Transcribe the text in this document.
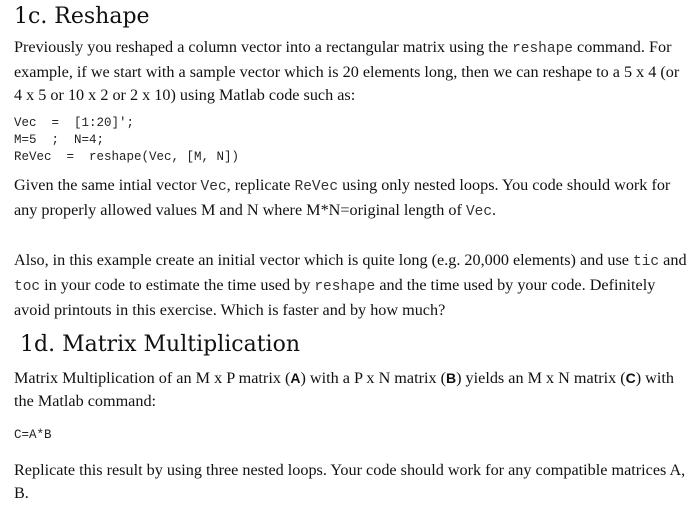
1c. Reshape

Previously you reshaped a column vector into a rectangular matrix using the reshape command. For example, if we start with a sample vector which is 20 elements long, then we can reshape to a 5 x 4 (or 4 x 5 or 10 x 2 or 2 x 10) using Matlab code such as:

Vec  =  [1:20]';
M=5  ;  N=4;
ReVec  =  reshape(Vec, [M, N])

Given the same intial vector Vec, replicate ReVec using only nested loops. You code should work for any properly allowed values M and N where M*N=original length of Vec.

Also, in this example create an initial vector which is quite long (e.g. 20,000 elements) and use tic and toc in your code to estimate the time used by reshape and the time used by your code. Definitely avoid printouts in this exercise. Which is faster and by how much?

1d. Matrix Multiplication

Matrix Multiplication of an M x P matrix (A) with a P x N matrix (B) yields an M x N matrix (C) with the Matlab command:

C=A*B

Replicate this result by using three nested loops. Your code should work for any compatible matrices A, B.
